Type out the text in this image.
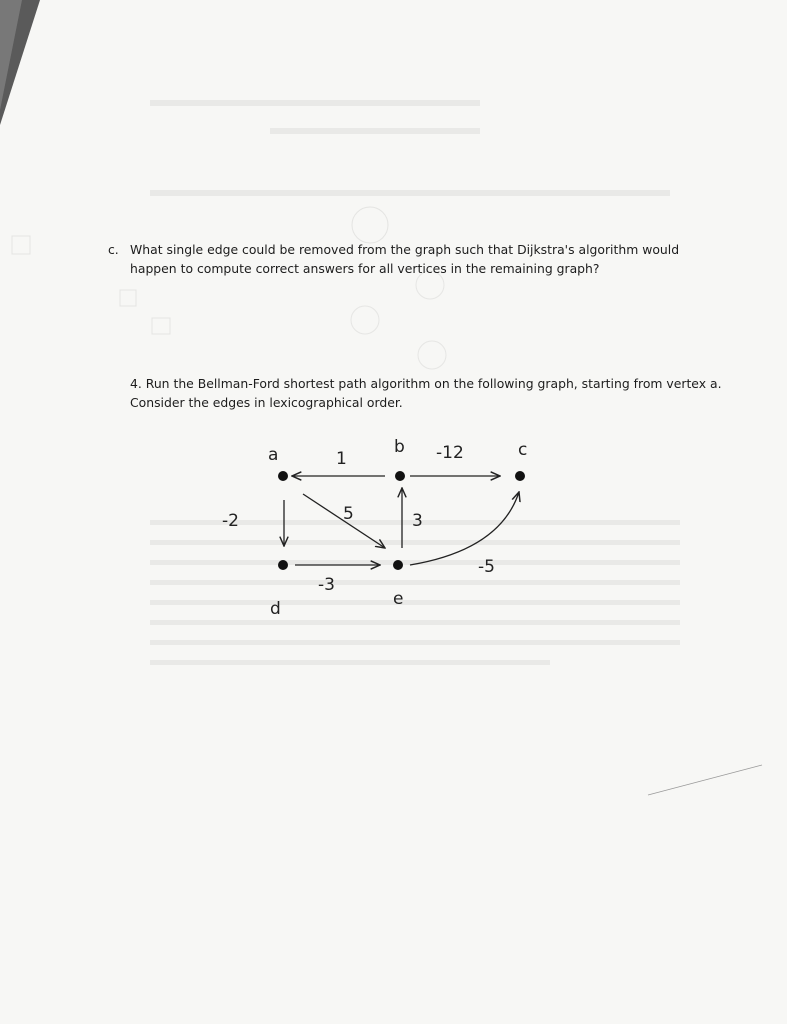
c. What single edge could be removed from the graph such that Dijkstra's algorithm would happen to compute correct answers for all vertices in the remaining graph?
4. Run the Bellman-Ford shortest path algorithm on the following graph, starting from vertex a. Consider the edges in lexicographical order.
a	b	c
d	e
1	-12
-2	5	3
-3
-5
